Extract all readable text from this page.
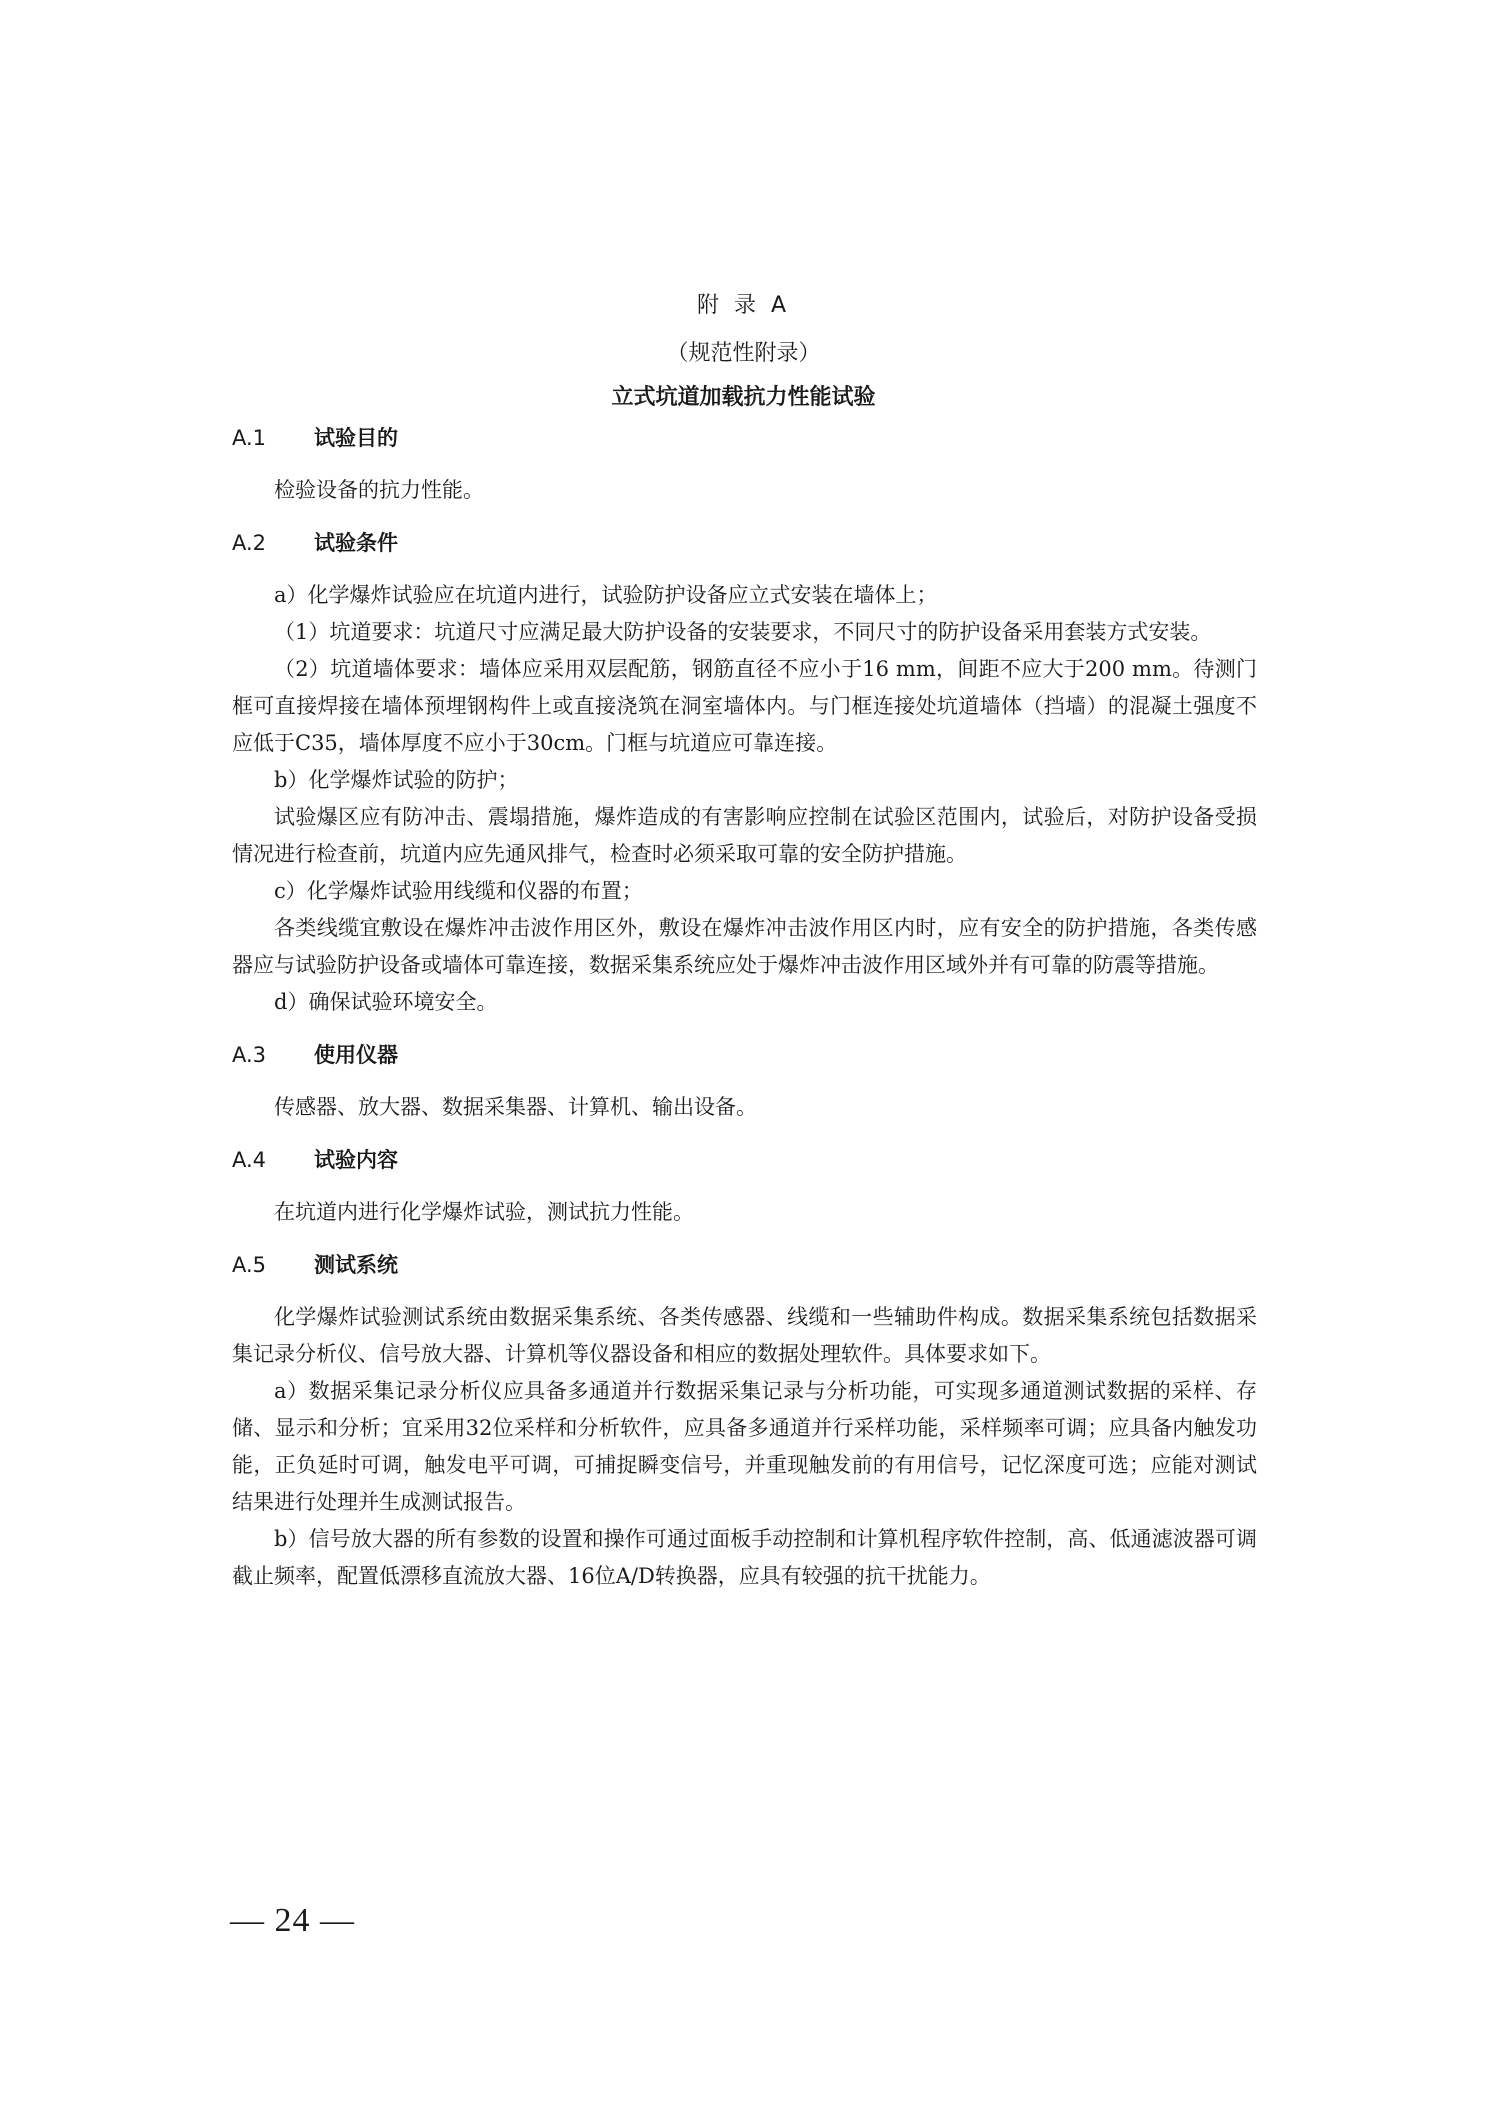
附 录 A
（规范性附录）
立式坑道加载抗力性能试验
A.1 试验目的

检验设备的抗力性能。

A.2 试验条件

a）化学爆炸试验应在坑道内进行，试验防护设备应立式安装在墙体上；

（1）坑道要求：坑道尺寸应满足最大防护设备的安装要求，不同尺寸的防护设备采用套装方式安装。

（2）坑道墙体要求：墙体应采用双层配筋，钢筋直径不应小于16 mm，间距不应大于200 mm。待测门框可直接焊接在墙体预埋钢构件上或直接浇筑在洞室墙体内。与门框连接处坑道墙体（挡墙）的混凝土强度不应低于C35，墙体厚度不应小于30cm。门框与坑道应可靠连接。

b）化学爆炸试验的防护；

试验爆区应有防冲击、震塌措施，爆炸造成的有害影响应控制在试验区范围内，试验后，对防护设备受损情况进行检查前，坑道内应先通风排气，检查时必须采取可靠的安全防护措施。

c）化学爆炸试验用线缆和仪器的布置；

各类线缆宜敷设在爆炸冲击波作用区外，敷设在爆炸冲击波作用区内时，应有安全的防护措施，各类传感器应与试验防护设备或墙体可靠连接，数据采集系统应处于爆炸冲击波作用区域外并有可靠的防震等措施。

d）确保试验环境安全。

A.3 使用仪器

传感器、放大器、数据采集器、计算机、输出设备。

A.4 试验内容

在坑道内进行化学爆炸试验，测试抗力性能。

A.5 测试系统

化学爆炸试验测试系统由数据采集系统、各类传感器、线缆和一些辅助件构成。数据采集系统包括数据采集记录分析仪、信号放大器、计算机等仪器设备和相应的数据处理软件。具体要求如下。

a）数据采集记录分析仪应具备多通道并行数据采集记录与分析功能，可实现多通道测试数据的采样、存储、显示和分析；宜采用32位采样和分析软件，应具备多通道并行采样功能，采样频率可调；应具备内触发功能，正负延时可调，触发电平可调，可捕捉瞬变信号，并重现触发前的有用信号，记忆深度可选；应能对测试结果进行处理并生成测试报告。

b）信号放大器的所有参数的设置和操作可通过面板手动控制和计算机程序软件控制，高、低通滤波器可调截止频率，配置低漂移直流放大器、16位A/D转换器，应具有较强的抗干扰能力。

— 24 —
